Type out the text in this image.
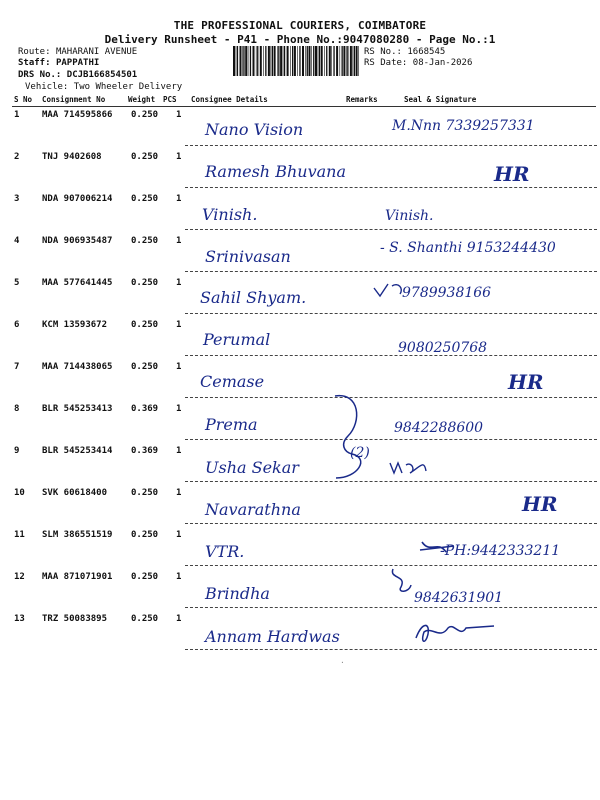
THE PROFESSIONAL COURIERS, COIMBATORE
Delivery Runsheet - P41 - Phone No.:9047080280 - Page No.:1
Route: MAHARANI AVENUE
Staff: PAPPATHI
DRS No.: DCJB166854501
Vehicle: Two Wheeler Delivery
RS No.: 1668545
RS Date: 08-Jan-2026
S No Consignment No	Weight PCS Consignee Details	Remarks	Seal & Signature
1	MAA 714595866 0.250 1
Nano Vision	M.Nnn 7339257331
2	TNJ 9402608	0.250 1
Ramesh Bhuvana	HR
3	NDA 907006214 0.250 1
Vinish.	Vinish.
4	NDA 906935487 0.250 1
Srinivasan	- S. Shanthi 9153244430
5	MAA 577641445 0.250 1
Sahil Shyam.	9789938166
6	KCM 13593672	0.250 1
Perumal	9080250768
7	MAA 714438065 0.250 1
Cemase	HR
8	BLR 545253413 0.369 1
Prema	9842288600
9	BLR 545253414 0.369 1
Usha Sekar
(2)
10 SVK 60618400	0.250 1
Navarathna	HR
11 SLM 386551519 0.250 1
VTR.	-PH:9442333211
12 MAA 871071901 0.250 1
Brindha	9842631901
13 TRZ 50083895	0.250 1
Annam Hardwas
.
